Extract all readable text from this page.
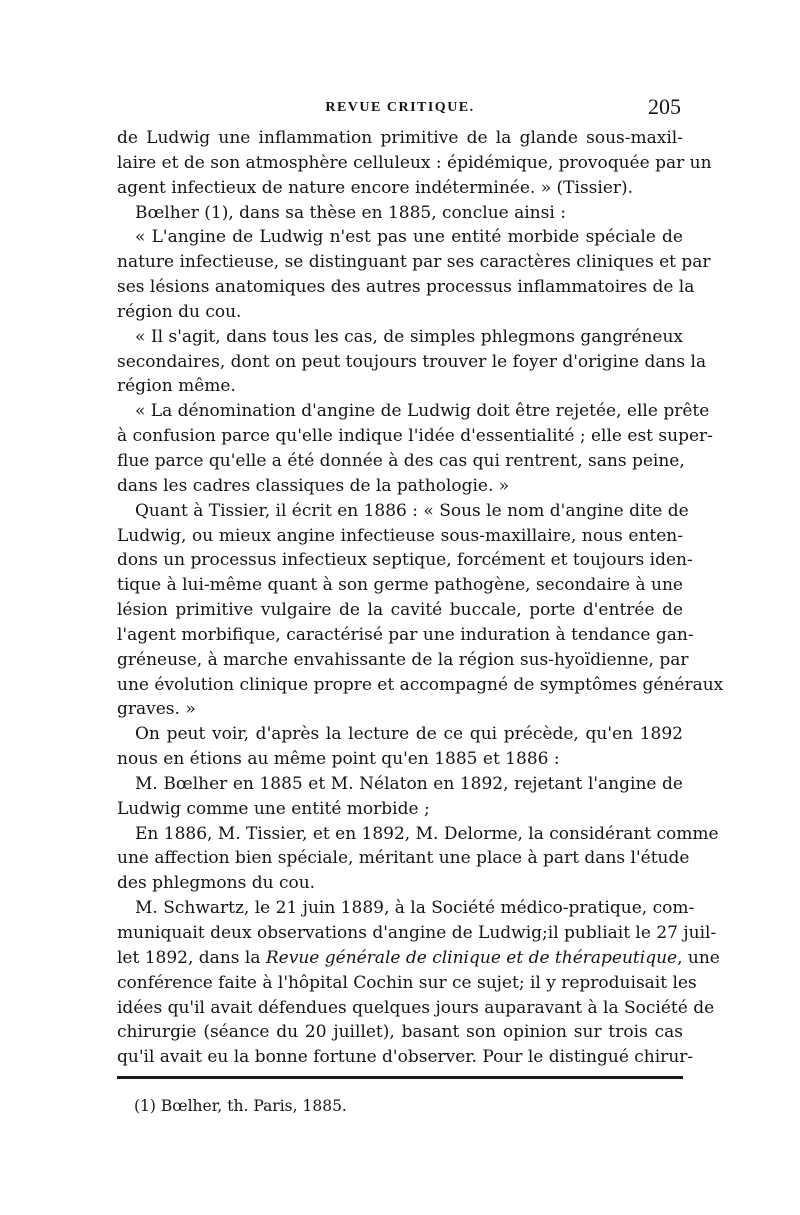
REVUE CRITIQUE.	205
de Ludwig une inflammation primitive de la glande sous-maxil-
laire et de son atmosphère celluleux : épidémique, provoquée par un
agent infectieux de nature encore indéterminée. » (Tissier).
Bœlher (1), dans sa thèse en 1885, conclue ainsi :
« L'angine de Ludwig n'est pas une entité morbide spéciale de
nature infectieuse, se distinguant par ses caractères cliniques et par
ses lésions anatomiques des autres processus inflammatoires de la
région du cou.
« Il s'agit, dans tous les cas, de simples phlegmons gangréneux
secondaires, dont on peut toujours trouver le foyer d'origine dans la
région même.
« La dénomination d'angine de Ludwig doit être rejetée, elle prête
à confusion parce qu'elle indique l'idée d'essentialité ; elle est super-
flue parce qu'elle a été donnée à des cas qui rentrent, sans peine,
dans les cadres classiques de la pathologie. »
Quant à Tissier, il écrit en 1886 : « Sous le nom d'angine dite de
Ludwig, ou mieux angine infectieuse sous-maxillaire, nous enten-
dons un processus infectieux septique, forcément et toujours iden-
tique à lui-même quant à son germe pathogène, secondaire à une
lésion primitive vulgaire de la cavité buccale, porte d'entrée de
l'agent morbifique, caractérisé par une induration à tendance gan-
gréneuse, à marche envahissante de la région sus-hyoïdienne, par
une évolution clinique propre et accompagné de symptômes généraux
graves. »
On peut voir, d'après la lecture de ce qui précède, qu'en 1892
nous en étions au même point qu'en 1885 et 1886 :
M. Bœlher en 1885 et M. Nélaton en 1892, rejetant l'angine de
Ludwig comme une entité morbide ;
En 1886, M. Tissier, et en 1892, M. Delorme, la considérant comme
une affection bien spéciale, méritant une place à part dans l'étude
des phlegmons du cou.
M. Schwartz, le 21 juin 1889, à la Société médico-pratique, com-
muniquait deux observations d'angine de Ludwig;il publiait le 27 juil-
let 1892, dans la Revue générale de clinique et de thérapeutique, une
conférence faite à l'hôpital Cochin sur ce sujet; il y reproduisait les
idées qu'il avait défendues quelques jours auparavant à la Société de
chirurgie (séance du 20 juillet), basant son opinion sur trois cas
qu'il avait eu la bonne fortune d'observer. Pour le distingué chirur-
(1) Bœlher, th. Paris, 1885.
